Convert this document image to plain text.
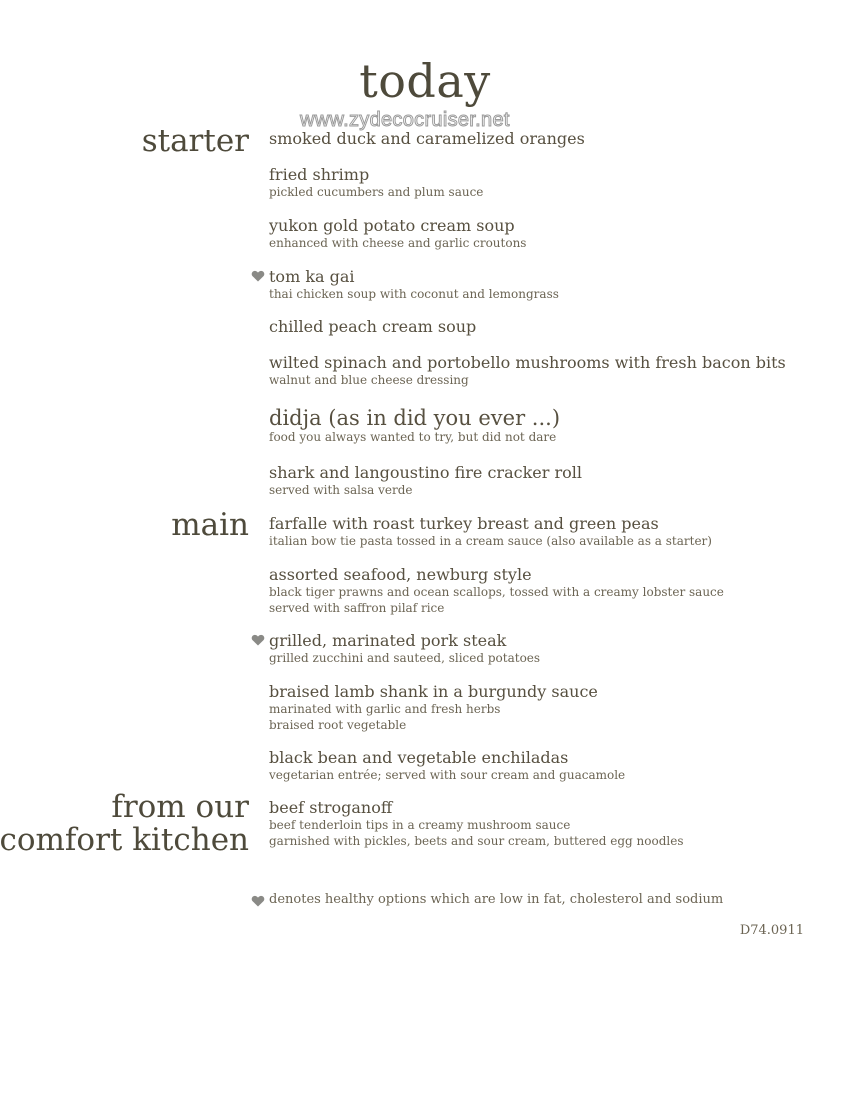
today
www.zydecocruiser.net
starter
main
from our
comfort kitchen
smoked duck and caramelized oranges
fried shrimp
pickled cucumbers and plum sauce
yukon gold potato cream soup
enhanced with cheese and garlic croutons
tom ka gai
thai chicken soup with coconut and lemongrass
chilled peach cream soup
wilted spinach and portobello mushrooms with fresh bacon bits
walnut and blue cheese dressing
didja (as in did you ever ...)
food you always wanted to try, but did not dare
shark and langoustino fire cracker roll
served with salsa verde
farfalle with roast turkey breast and green peas
italian bow tie pasta tossed in a cream sauce (also available as a starter)
assorted seafood, newburg style
black tiger prawns and ocean scallops, tossed with a creamy lobster sauce
served with saffron pilaf rice
grilled, marinated pork steak
grilled zucchini and sauteed, sliced potatoes
braised lamb shank in a burgundy sauce
marinated with garlic and fresh herbs
braised root vegetable
black bean and vegetable enchiladas
vegetarian entrée; served with sour cream and guacamole
beef stroganoff
beef tenderloin tips in a creamy mushroom sauce
garnished with pickles, beets and sour cream, buttered egg noodles
denotes healthy options which are low in fat, cholesterol and sodium
D74.0911
